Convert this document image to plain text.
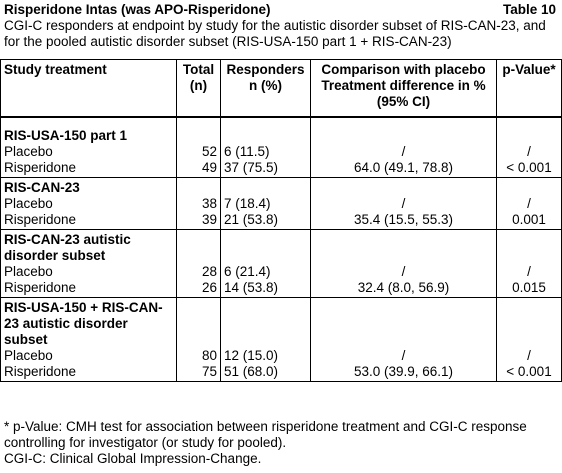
Risperidone Intas (was APO-Risperidone)	Table 10
CGI-C responders at endpoint by study for the autistic disorder subset of RIS-CAN-23, and for the pooled autistic disorder subset (RIS-USA-150 part 1 + RIS-CAN-23)
Study treatment	Total (n)	Responders n (%)	Comparison with placebo Treatment difference in % (95% CI)	p-Value*
RIS-USA-150 part 1				
Placebo	52	6 (11.5)	/	/
Risperidone	49	37 (75.5)	64.0 (49.1, 78.8)	< 0.001
RIS-CAN-23				
Placebo	38	7 (18.4)	/	/
Risperidone	39	21 (53.8)	35.4 (15.5, 55.3)	0.001
RIS-CAN-23 autistic disorder subset				
Placebo	28	6 (21.4)	/	/
Risperidone	26	14 (53.8)	32.4 (8.0, 56.9)	0.015
RIS-USA-150 + RIS-CAN-23 autistic disorder subset				
Placebo	80	12 (15.0)	/	/
Risperidone	75	51 (68.0)	53.0 (39.9, 66.1)	< 0.001
* p-Value: CMH test for association between risperidone treatment and CGI-C response controlling for investigator (or study for pooled).
CGI-C: Clinical Global Impression-Change.
